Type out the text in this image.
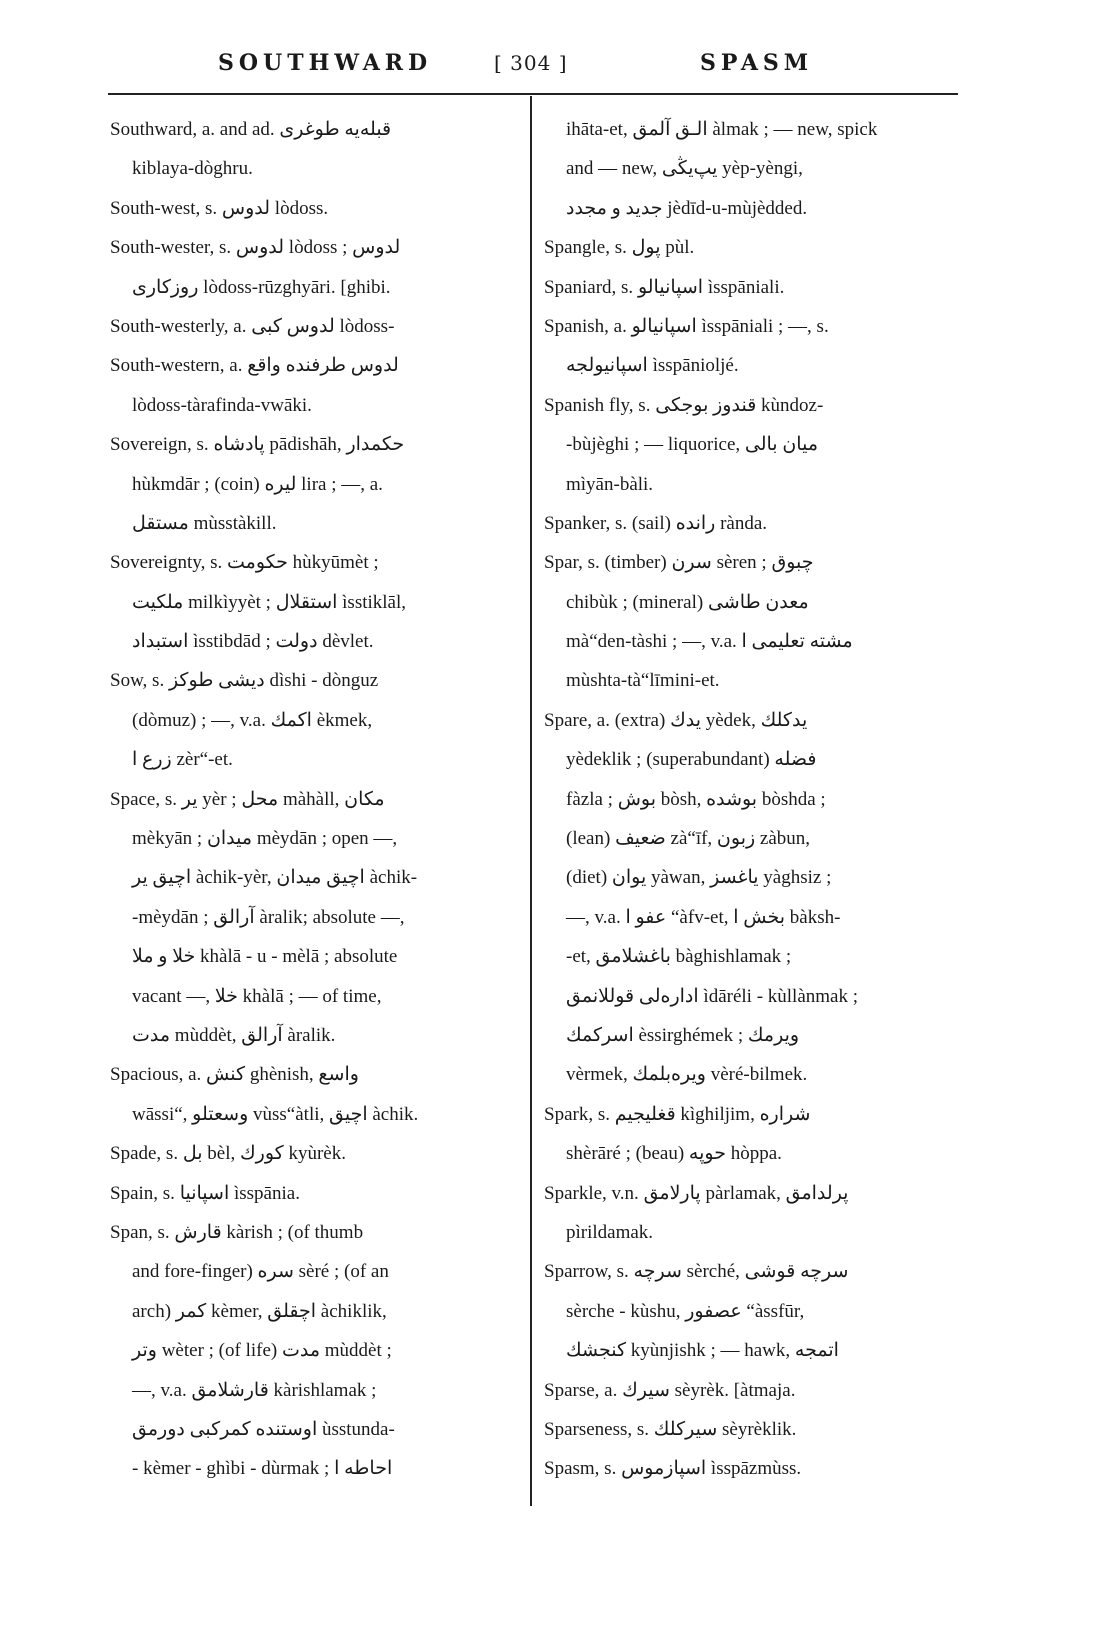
SOUTHWARD	[ 304 ]	SPASM
Southward, a. and ad. قبله‌يه طوغرى
kiblaya-dòghru.
South-west, s. لدوس lòdoss.
South-wester, s. لدوس lòdoss ; لدوس
روزكارى lòdoss-rūzghyāri. [ghibi.
South-westerly, a. لدوس كبى lòdoss-
South-western, a. لدوس طرفنده واقع
lòdoss-tàrafinda-vwāki.
Sovereign, s. پادشاه pādishāh, حكمدار
hùkmdār ; (coin) ليره lira ; —, a.
مستقل mùsstàkill.
Sovereignty, s. حكومت hùkyūmèt ;
ملكيت milkìyyèt ; استقلال ìsstiklāl,
استبداد ìsstibdād ; دولت dèvlet.
Sow, s. ديشى طوكز dìshi - dònguz
(dòmuz) ; —, v.a. اكمك èkmek,
زرع ا zèr“-et.
Space, s. ير yèr ; محل màhàll, مكان
mèkyān ; ميدان mèydān ; open —,
اچيق ير àchik-yèr, اچيق ميدان àchik-
-mèydān ; آرالق àralik; absolute —,
خلا و ملا khàlā - u - mèlā ; absolute
vacant —, خلا khàlā ; — of time,
مدت mùddèt, آرالق àralik.
Spacious, a. كنش ghènish, واسع
wāssi“, وسعتلو vùss“àtli, اچيق àchik.
Spade, s. بل bèl, كورك kyùrèk.
Spain, s. اسپانيا ìsspānia.
Span, s. قارش kàrish ; (of thumb
and fore-finger) سره sèré ; (of an
arch) كمر kèmer, اچقلق àchiklik,
وتر wèter ; (of life) مدت mùddèt ;
—, v.a. قارشلامق kàrishlamak ;
اوستنده كمركبى دورمق ùsstunda-
- kèmer - ghìbi - dùrmak ; احاطه ا
ihāta-et, الـق آلمق àlmak ; — new, spick
and — new, يپ‌يڭى yèp-yèngi,
جديد و مجدد jèdīd-u-mùjèdded.
Spangle, s. پول pùl.
Spaniard, s. اسپانيالو ìsspāniali.
Spanish, a. اسپانيالو ìsspāniali ; —, s.
اسپانيولجه ìsspānioljé.
Spanish fly, s. قندوز بوجكى kùndoz-
-bùjèghi ; — liquorice, ميان بالى
mìyān-bàli.
Spanker, s. (sail) رانده rànda.
Spar, s. (timber) سرن sèren ; چبوق
chibùk ; (mineral) معدن طاشى
mà“den-tàshi ; —, v.a. مشته تعليمى ا
mùshta-tà“līmini-et.
Spare, a. (extra) يدك yèdek, يدكلك
yèdeklik ; (superabundant) فضله
fàzla ; بوش bòsh, بوشده bòshda ;
(lean) ضعيف zà“īf, زبون zàbun,
(diet) يوان yàwan, ياغسز yàghsiz ;
—, v.a. عفو ا “àfv-et, بخش ا bàksh-
-et, باغشلامق bàghishlamak ;
اداره‌لى قوللانمق ìdāréli - kùllànmak ;
اسركمك èssirghémek ; ويرمك
vèrmek, ويره‌بلمك vèré-bilmek.
Spark, s. قغليجيم kìghiljim, شراره
shèrāré ; (beau) حوپه hòppa.
Sparkle, v.n. پارلامق pàrlamak, پرلدامق
pìrildamak.
Sparrow, s. سرچه sèrché, سرچه قوشى
sèrche - kùshu, عصفور “àssfūr,
كنجشك kyùnjishk ; — hawk, اتمجه
Sparse, a. سيرك sèyrèk. [àtmaja.
Sparseness, s. سيركلك sèyrèklik.
Spasm, s. اسپازموس ìsspāzmùss.
